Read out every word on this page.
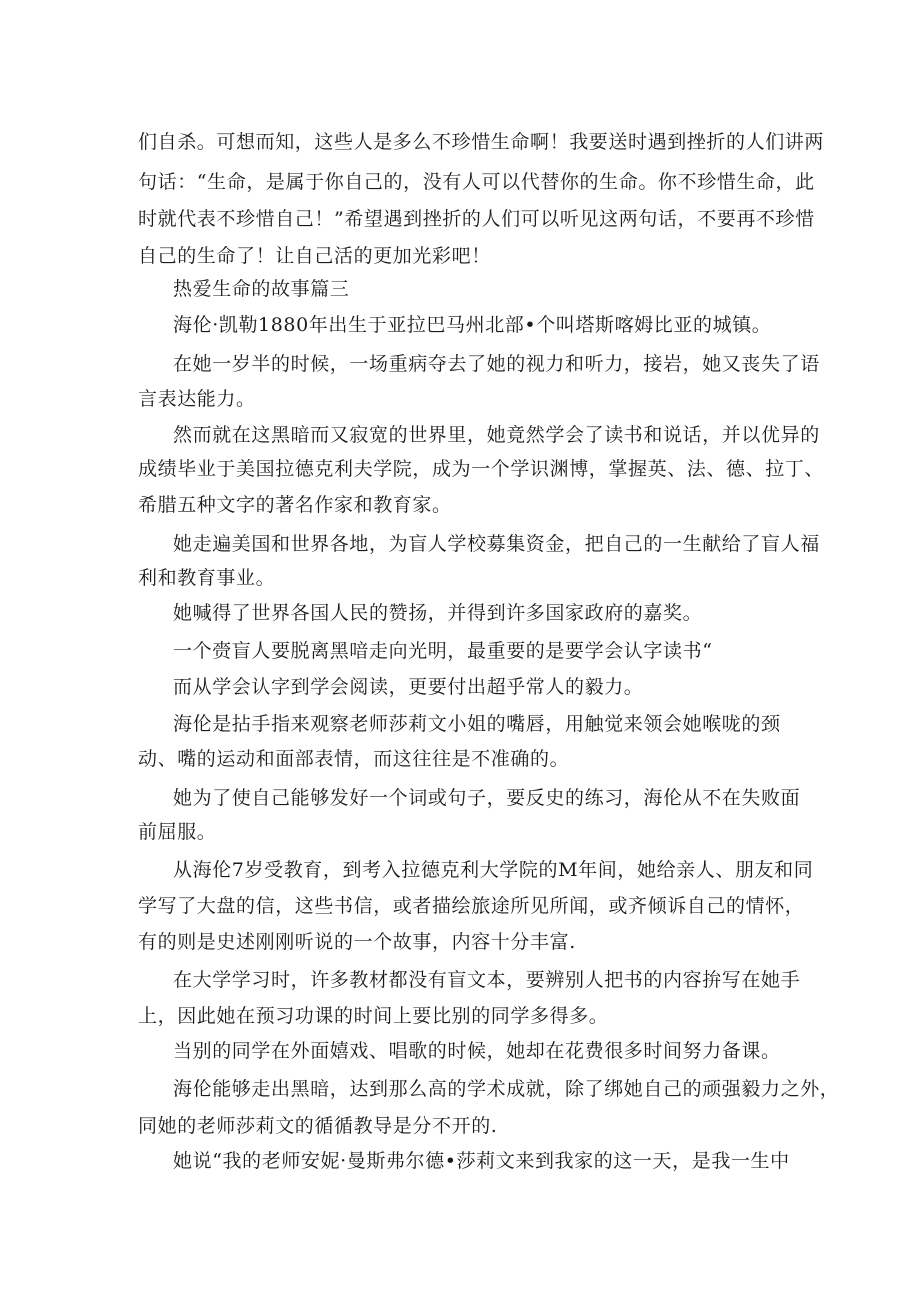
们自杀。可想而知，这些人是多么不珍惜生命啊！我要送时遇到挫折的人们讲两
句话：“生命，是属于你自己的，没有人可以代替你的生命。你不珍惜生命，此
时就代表不珍惜自己！”希望遇到挫折的人们可以听见这两句话，不要再不珍惜
自己的生命了！让自己活的更加光彩吧！
热爱生命的故事篇三
海伦·凯勒1880年出生于亚拉巴马州北部•个叫塔斯喀姆比亚的城镇。
在她一岁半的时候，一场重病夺去了她的视力和听力，接岩，她又丧失了语
言表达能力。
然而就在这黑暗而又寂宽的世界里，她竟然学会了读书和说话，并以优异的
成绩毕业于美国拉德克利夫学院，成为一个学识渊博，掌握英、法、德、拉丁、
希腊五种文字的著名作家和教育家。
她走遍美国和世界各地，为盲人学校募集资金，把自己的一生献给了盲人福
利和教育事业。
她喊得了世界各国人民的赞扬，并得到许多国家政府的嘉奖。
一个赍盲人要脱离黑喑走向光明，最重要的是要学会认字读书“
而从学会认字到学会阅读，更要付出超乎常人的毅力。
海伦是拈手指来观察老师莎莉文小姐的嘴唇，用触觉来领会她喉咙的颈
动、嘴的运动和面部表情，而这往往是不准确的。
她为了使自己能够发好一个词或句子，要反史的练习，海伦从不在失败面
前屈服。
从海伦7岁受教育，到考入拉德克利大学院的M年间，她给亲人、朋友和同
学写了大盘的信，这些书信，或者描绘旅途所见所闻，或齐倾诉自己的情怀，
有的则是史述刚刚听说的一个故事，内容十分丰富.
在大学学习时，许多教材都没有盲文本，要辨别人把书的内容拚写在她手
上，因此她在预习功课的时间上要比别的同学多得多。
当别的同学在外面嬉戏、唱歌的时候，她却在花费很多时间努力备课。
海伦能够走出黑暗，达到那么高的学术成就，除了绑她自己的顽强毅力之外，
同她的老师莎莉文的循循教导是分不开的.
她说“我的老师安妮·曼斯弗尔德•莎莉文来到我家的这一天，是我一生中
